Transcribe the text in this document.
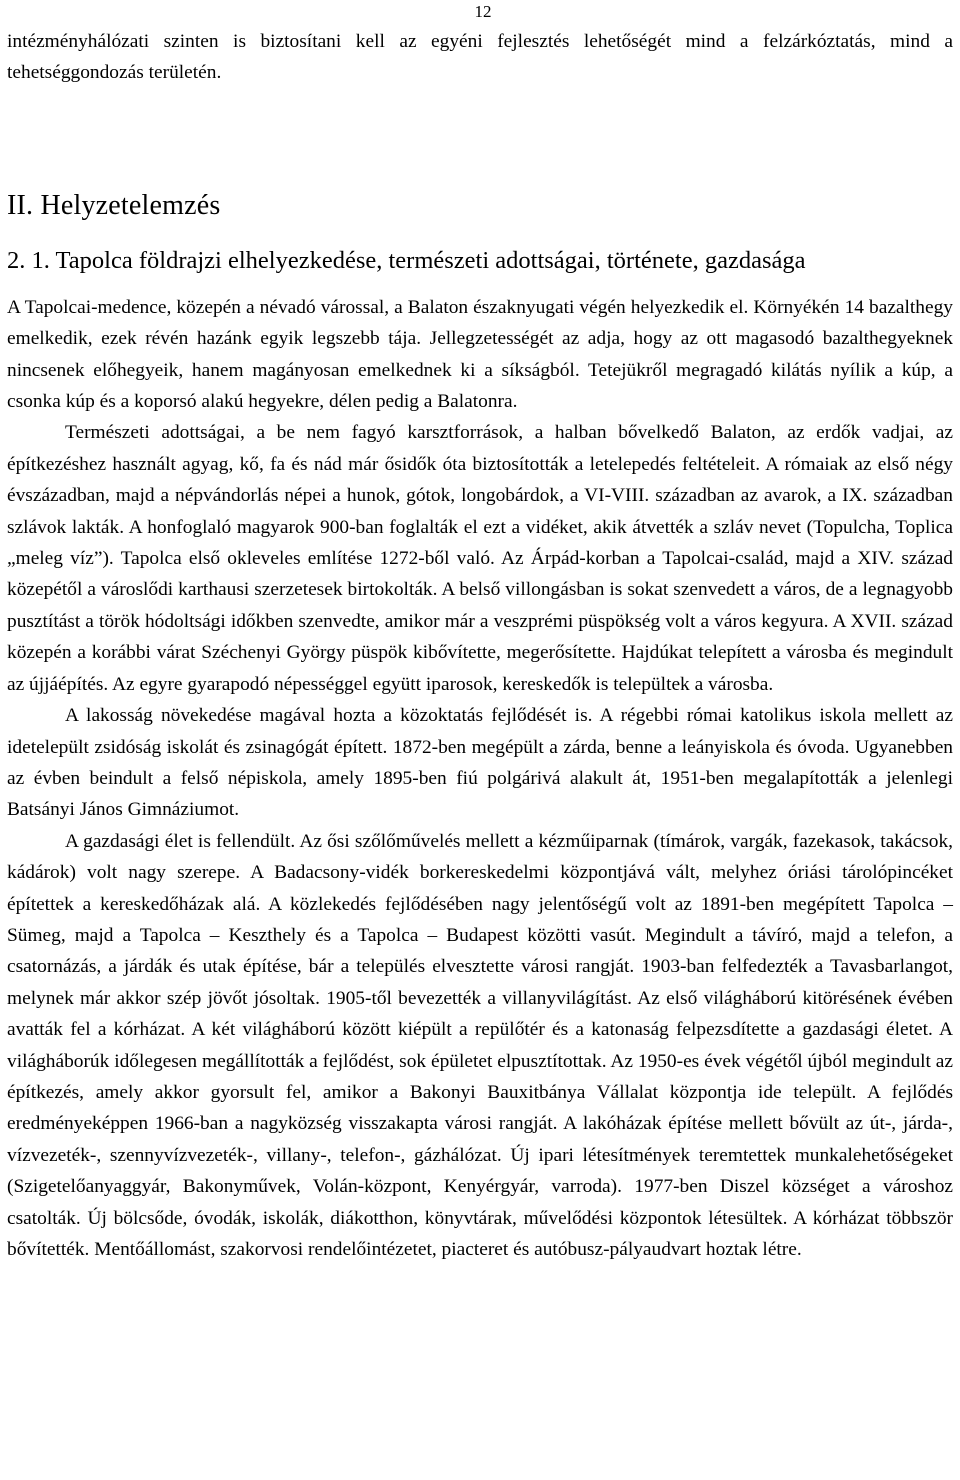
12

intézményhálózati szinten is biztosítani kell az egyéni fejlesztés lehetőségét mind a felzárkóztatás, mind a tehetséggondozás területén.

II. Helyzetelemzés
2. 1. Tapolca földrajzi elhelyezkedése, természeti adottságai, története, gazdasága

A Tapolcai-medence, közepén a névadó várossal, a Balaton északnyugati végén helyezkedik el. Környékén 14 bazalthegy emelkedik, ezek révén hazánk egyik legszebb tája. Jellegzetességét az adja, hogy az ott magasodó bazalthegyeknek nincsenek előhegyeik, hanem magányosan emelkednek ki a síkságból. Tetejükről megragadó kilátás nyílik a kúp, a csonka kúp és a koporsó alakú hegyekre, délen pedig a Balatonra.

Természeti adottságai, a be nem fagyó karsztforrások, a halban bővelkedő Balaton, az erdők vadjai, az építkezéshez használt agyag, kő, fa és nád már ősidők óta biztosították a letelepedés feltételeit. A rómaiak az első négy évszázadban, majd a népvándorlás népei a hunok, gótok, longobárdok, a VI-VIII. században az avarok, a IX. században szlávok lakták. A honfoglaló magyarok 900-ban foglalták el ezt a vidéket, akik átvették a szláv nevet (Topulcha, Toplica „meleg víz”). Tapolca első okleveles említése 1272-ből való. Az Árpád-korban a Tapolcai-család, majd a XIV. század közepétől a városlődi karthausi szerzetesek birtokolták. A belső villongásban is sokat szenvedett a város, de a legnagyobb pusztítást a török hódoltsági időkben szenvedte, amikor már a veszprémi püspökség volt a város kegyura. A XVII. század közepén a korábbi várat Széchenyi György püspök kibővítette, megerősítette. Hajdúkat telepített a városba és megindult az újjáépítés. Az egyre gyarapodó népességgel együtt iparosok, kereskedők is települtek a városba.

A lakosság növekedése magával hozta a közoktatás fejlődését is. A régebbi római katolikus iskola mellett az idetelepült zsidóság iskolát és zsinagógát épített. 1872-ben megépült a zárda, benne a leányiskola és óvoda. Ugyanebben az évben beindult a felső népiskola, amely 1895-ben fiú polgárivá alakult át, 1951-ben megalapították a jelenlegi Batsányi János Gimnáziumot.

A gazdasági élet is fellendült. Az ősi szőlőművelés mellett a kézműiparnak (tímárok, vargák, fazekasok, takácsok, kádárok) volt nagy szerepe. A Badacsony-vidék borkereskedelmi központjává vált, melyhez óriási tárolópincéket építettek a kereskedőházak alá. A közlekedés fejlődésében nagy jelentőségű volt az 1891-ben megépített Tapolca – Sümeg, majd a Tapolca – Keszthely és a Tapolca – Budapest közötti vasút. Megindult a távíró, majd a telefon, a csatornázás, a járdák és utak építése, bár a település elvesztette városi rangját. 1903-ban felfedezték a Tavasbarlangot, melynek már akkor szép jövőt jósoltak. 1905-től bevezették a villanyvilágítást. Az első világháború kitörésének évében avatták fel a kórházat. A két világháború között kiépült a repülőtér és a katonaság felpezsdítette a gazdasági életet. A világháborúk időlegesen megállították a fejlődést, sok épületet elpusztítottak. Az 1950-es évek végétől újból megindult az építkezés, amely akkor gyorsult fel, amikor a Bakonyi Bauxitbánya Vállalat központja ide települt. A fejlődés eredményeképpen 1966-ban a nagyközség visszakapta városi rangját. A lakóházak építése mellett bővült az út-, járda-, vízvezeték-, szennyvízvezeték-, villany-, telefon-, gázhálózat. Új ipari létesítmények teremtettek munkalehetőségeket (Szigetelőanyaggyár, Bakonyművek, Volán-központ, Kenyérgyár, varroda). 1977-ben Diszel községet a városhoz csatolták. Új bölcsőde, óvodák, iskolák, diákotthon, könyvtárak, művelődési központok létesültek. A kórházat többször bővítették. Mentőállomást, szakorvosi rendelőintézetet, piacteret és autóbusz-pályaudvart hoztak létre.
